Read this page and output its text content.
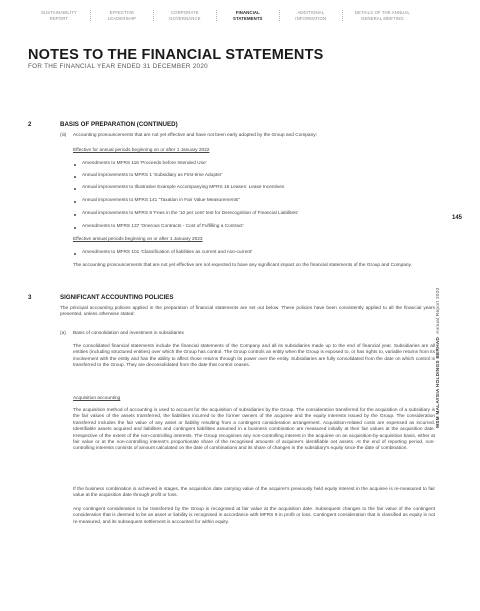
SUSTAINABILITY
REPORT
EFFECTIVE
LEADERSHIP
CORPORATE
GOVERNANCE
FINANCIAL
STATEMENTS
ADDITIONAL
INFORMATION
DETAILS OF THE ANNUAL
GENERAL MEETING
NOTES TO THE FINANCIAL STATEMENTS
FOR THE FINANCIAL YEAR ENDED 31 DECEMBER 2020
2	BASIS OF PREPARATION (CONTINUED)
(iii) Accounting pronouncements that are not yet effective and have not been early adopted by the Group and Company:
Effective for annual periods beginning on or after 1 January 2022
Amendments to MFRS 116 'Proceeds before Intended Use'
Annual improvements to MFRS 1 'Subsidiary as First-time Adopter'
Annual improvements to Illustrative Example Accompanying MFRS 16 Leases: Lease Incentives
Annual improvements to MFRS 141 "Taxation in Fair Value Measurements"
Annual improvements to MFRS 9 'Fees in the '10 per cent' test for Derecognition of Financial Liabilities'
Amendments to MFRS 137 'Onerous Contracts - Cost of Fulfilling a Contract'
Effective annual periods beginning on or after 1 January 2023
Amendments to MFRS 101 'Classification of liabilities as current and non-current'
The accounting pronouncements that are not yet effective are not expected to have any significant impact on the financial statements of the Group and Company.
3	SIGNIFICANT ACCOUNTING POLICIES
The principal accounting policies applied in the preparation of financial statements are set out below. These policies have been consistently applied to all the financial years presented, unless otherwise stated:
(a) Basis of consolidation and investment in subsidiaries
The consolidated financial statements include the financial statements of the Company and all its subsidiaries made up to the end of financial year. Subsidiaries are all entities (including structured entities) over which the Group has control. The Group controls an entity when the Group is exposed to, or has rights to, variable returns from its involvement with the entity and has the ability to affect those returns through its power over the entity. Subsidiaries are fully consolidated from the date on which control is transferred to the Group. They are deconsolidated from the date that control ceases.
Acquisition accounting
The acquisition method of accounting is used to account for the acquisition of subsidiaries by the Group. The consideration transferred for the acquisition of a subsidiary is the fair values of the assets transferred, the liabilities incurred to the former owners of the acquiree and the equity interests issued by the Group. The consideration transferred includes the fair value of any asset or liability resulting from a contingent consideration arrangement. Acquisition-related costs are expensed as incurred. Identifiable assets acquired and liabilities and contingent liabilities assumed in a business combination are measured initially at their fair values at the acquisition date. Irrespective of the extent of the non-controlling interests. The Group recognises any non-controlling interest in the acquiree on an acquisition-by-acquisition basis, either at fair value or at the non-controlling interest's proportionate share of the recognised amounts of acquiree's identifiable net assets. At the end of reporting period, non-controlling interests consists of amount calculated on the date of combinations and its share of changes in the subsidiary's equity since the date of combination.
If the business combination is achieved in stages, the acquisition date carrying value of the acquirer's previously held equity interest in the acquiree is re-measured to fair value at the acquisition date through profit or loss.
Any contingent consideration to be transferred by the Group is recognised at fair value at the acquisition date. Subsequent changes to the fair value of the contingent consideration that is deemed to be an asset or liability is recognised in accordance with MFRS 9 in profit or loss. Contingent consideration that is classified as equity is not re-measured, and its subsequent settlement is accounted for within equity.
145
MSM MALAYSIA HOLDINGS BERHAD  Annual Report 2020
